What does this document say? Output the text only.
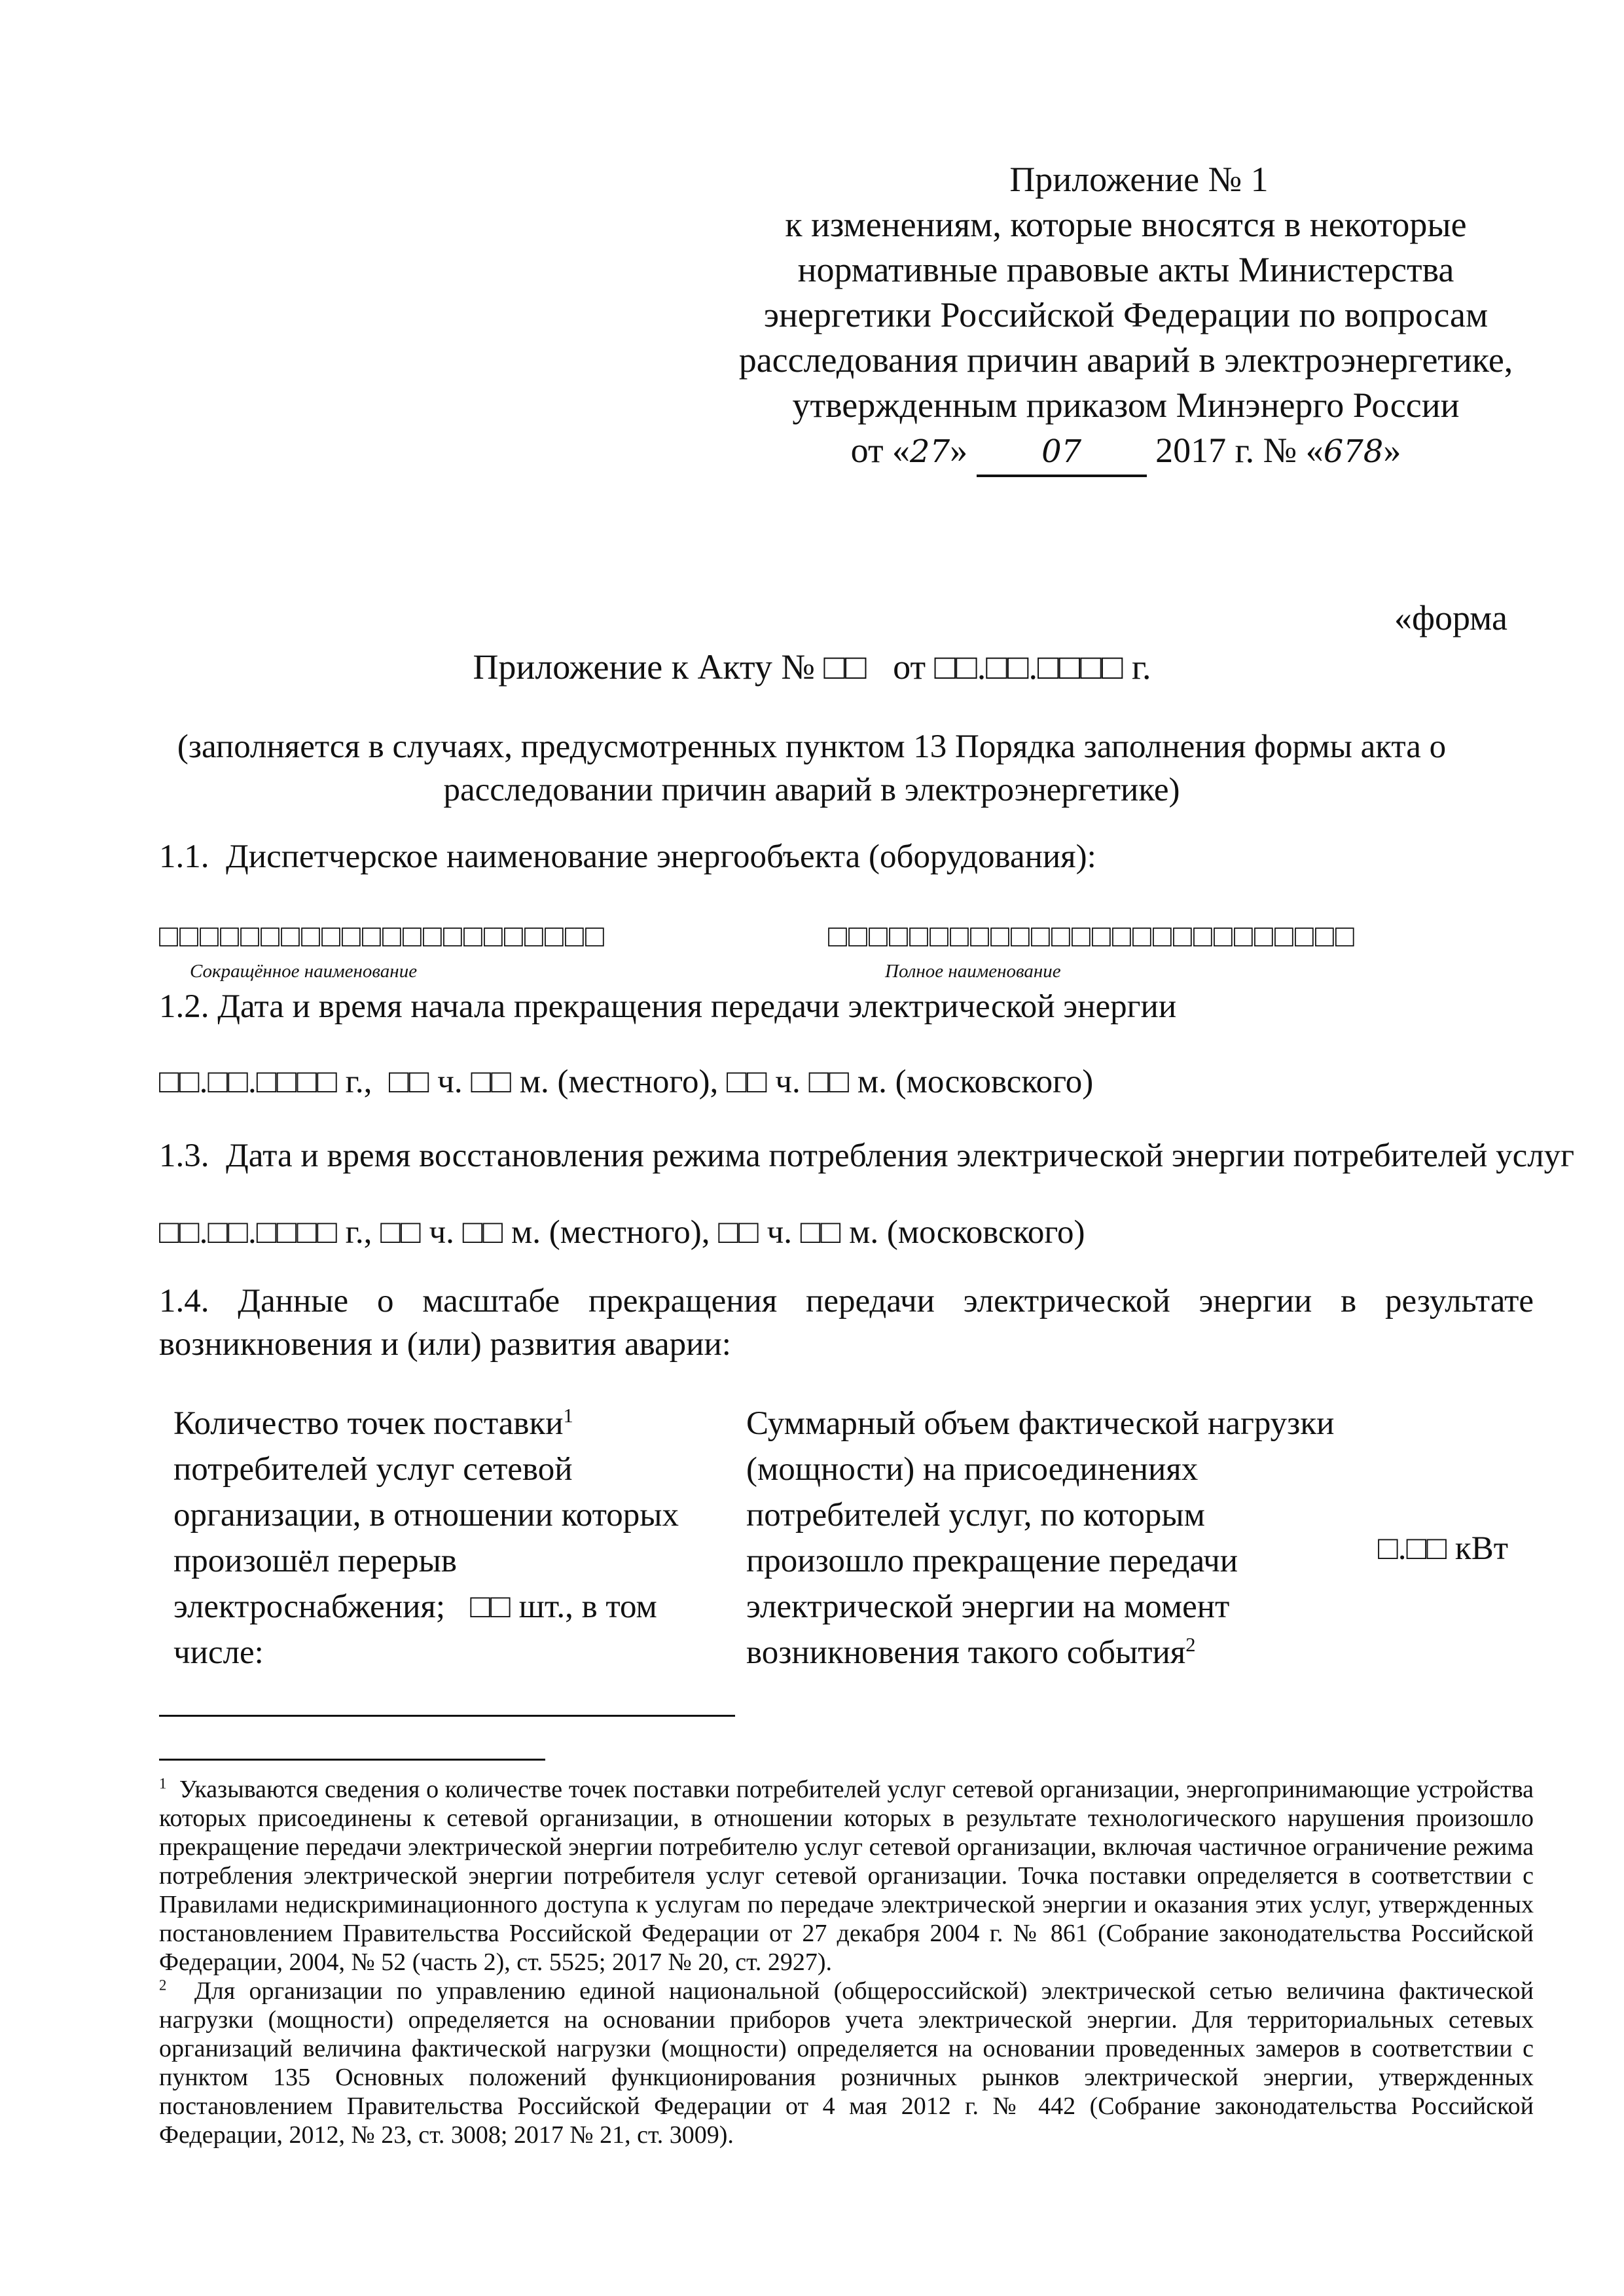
Приложение № 1
к изменениям, которые вносятся в некоторые
нормативные правовые акты Министерства
энергетики Российской Федерации по вопросам
расследования причин аварий в электроэнергетике,
утвержденным приказом Минэнерго России
от «27» 07 2017 г. № «678»
«форма
Приложение к Акту № □□   от □□.□□.□□□□ г.
(заполняется в случаях, предусмотренных пунктом 13 Порядка заполнения формы акта о
расследовании причин аварий в электроэнергетике)
1.1.  Диспетчерское наименование энергообъекта (оборудования):
□□□□□□□□□□□□□□□□□□□□□□	□□□□□□□□□□□□□□□□□□□□□□□□□□
Сокращённое наименование	Полное наименование
1.2. Дата и время начала прекращения передачи электрической энергии
□□.□□.□□□□ г.,  □□ ч. □□ м. (местного), □□ ч. □□ м. (московского)
1.3.  Дата и время восстановления режима потребления электрической энергии потребителей услуг
□□.□□.□□□□ г., □□ ч. □□ м. (местного), □□ ч. □□ м. (московского)
1.4. Данные о масштабе прекращения передачи электрической энергии в результате
возникновения и (или) развития аварии:
Количество точек поставки$^1$
потребителей услуг сетевой
организации, в отношении которых
произошёл перерыв
электроснабжения;   □□ шт., в том
числе:
Суммарный объем фактической нагрузки
(мощности) на присоединениях
потребителей услуг, по которым
произошло прекращение передачи
электрической энергии на момент
возникновения такого события$^2$
□.□□ кВт
$^1$ Указываются сведения о количестве точек поставки потребителей услуг сетевой организации, энергопринимающие устройства которых присоединены к сетевой организации, в отношении которых в результате технологического нарушения произошло прекращение передачи электрической энергии потребителю услуг сетевой организации, включая частичное ограничение режима потребления электрической энергии потребителя услуг сетевой организации. Точка поставки определяется в соответствии с Правилами недискриминационного доступа к услугам по передаче электрической энергии и оказания этих услуг, утвержденных постановлением Правительства Российской Федерации от 27 декабря 2004 г. № 861 (Собрание законодательства Российской Федерации, 2004, № 52 (часть 2), ст. 5525; 2017 № 20, ст. 2927).
$^2$ Для организации по управлению единой национальной (общероссийской) электрической сетью величина фактической нагрузки (мощности) определяется на основании приборов учета электрической энергии. Для территориальных сетевых организаций величина фактической нагрузки (мощности) определяется на основании проведенных замеров в соответствии с пунктом 135 Основных положений функционирования розничных рынков электрической энергии, утвержденных постановлением Правительства Российской Федерации от 4 мая 2012 г. № 442 (Собрание законодательства Российской Федерации, 2012, № 23, ст. 3008; 2017 № 21, ст. 3009).
